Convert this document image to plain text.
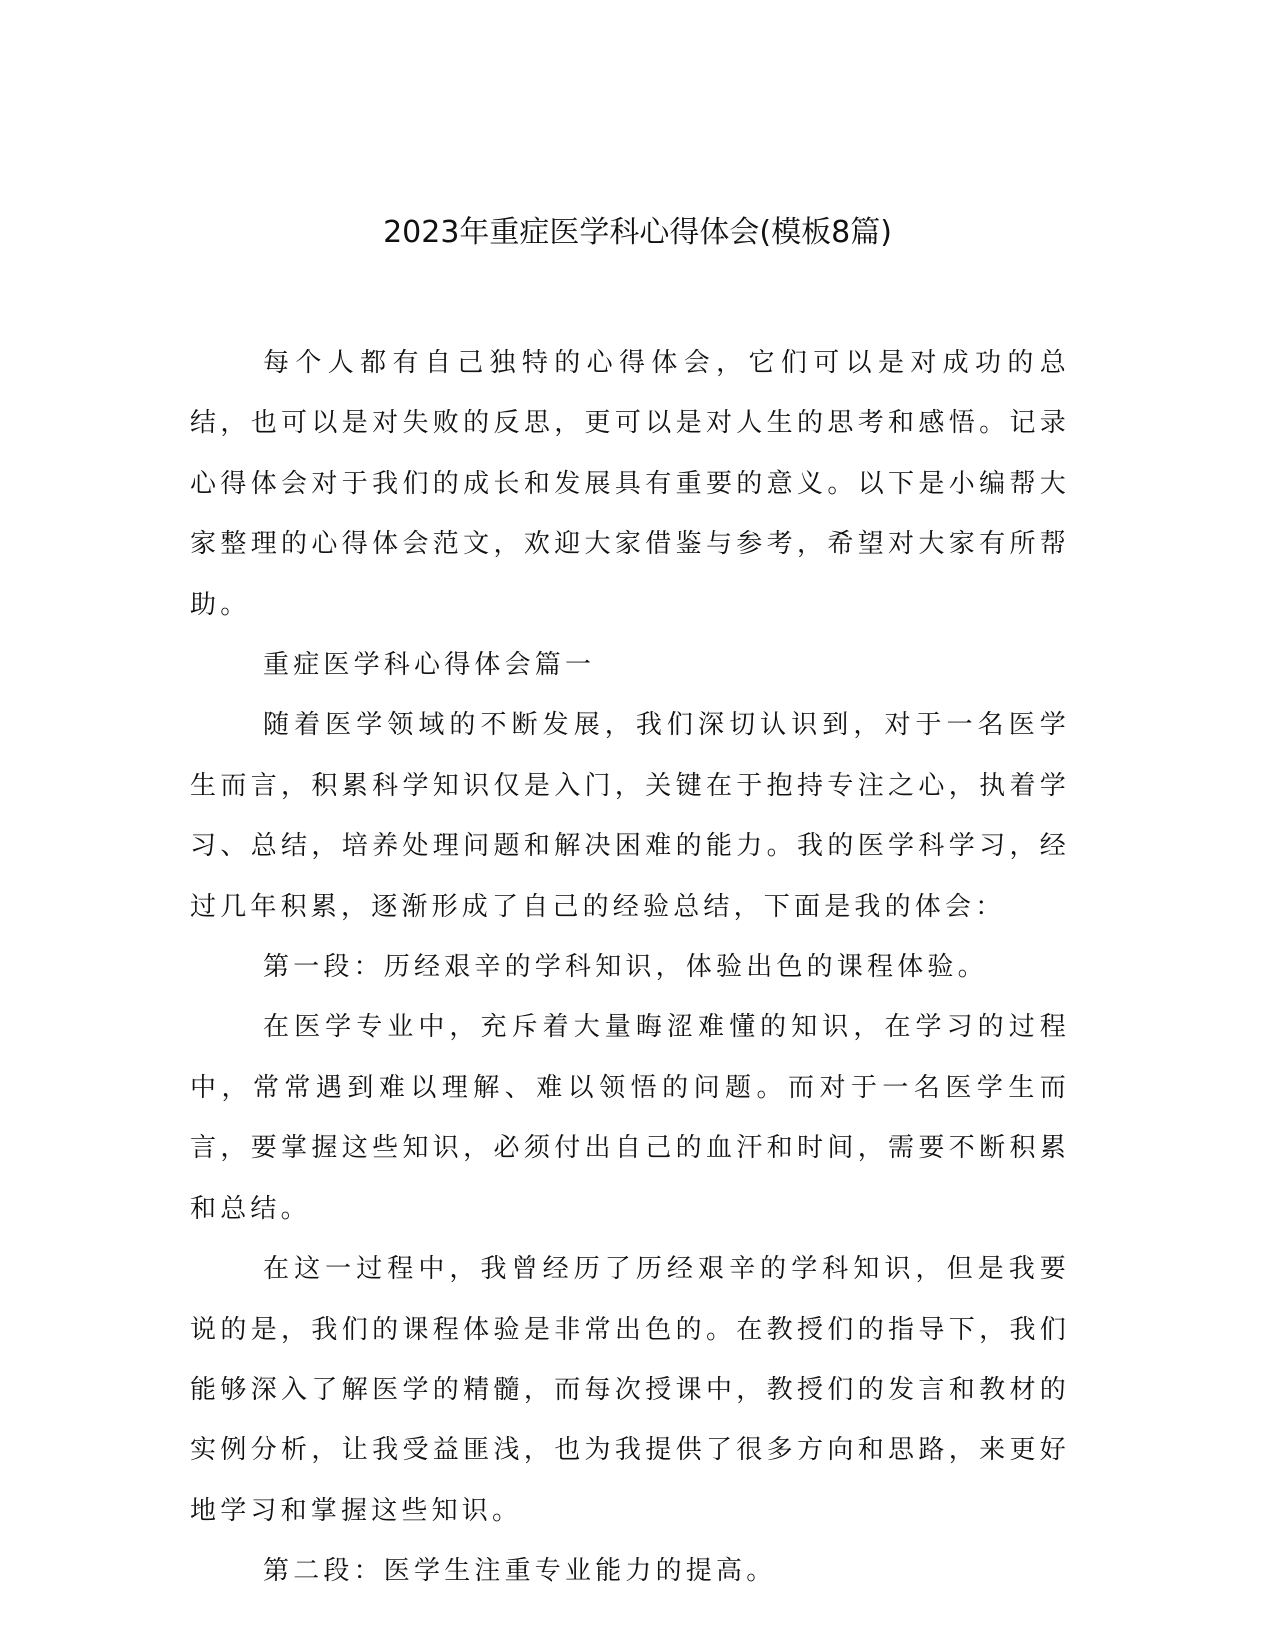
2023年重症医学科心得体会(模板8篇)

每个人都有自己独特的心得体会，它们可以是对成功的总结，也可以是对失败的反思，更可以是对人生的思考和感悟。记录心得体会对于我们的成长和发展具有重要的意义。以下是小编帮大家整理的心得体会范文，欢迎大家借鉴与参考，希望对大家有所帮助。

重症医学科心得体会篇一

随着医学领域的不断发展，我们深切认识到，对于一名医学生而言，积累科学知识仅是入门，关键在于抱持专注之心，执着学习、总结，培养处理问题和解决困难的能力。我的医学科学习，经过几年积累，逐渐形成了自己的经验总结，下面是我的体会：

第一段：历经艰辛的学科知识，体验出色的课程体验。

在医学专业中，充斥着大量晦涩难懂的知识，在学习的过程中，常常遇到难以理解、难以领悟的问题。而对于一名医学生而言，要掌握这些知识，必须付出自己的血汗和时间，需要不断积累和总结。

在这一过程中，我曾经历了历经艰辛的学科知识，但是我要说的是，我们的课程体验是非常出色的。在教授们的指导下，我们能够深入了解医学的精髓，而每次授课中，教授们的发言和教材的实例分析，让我受益匪浅，也为我提供了很多方向和思路，来更好地学习和掌握这些知识。

第二段：医学生注重专业能力的提高。
